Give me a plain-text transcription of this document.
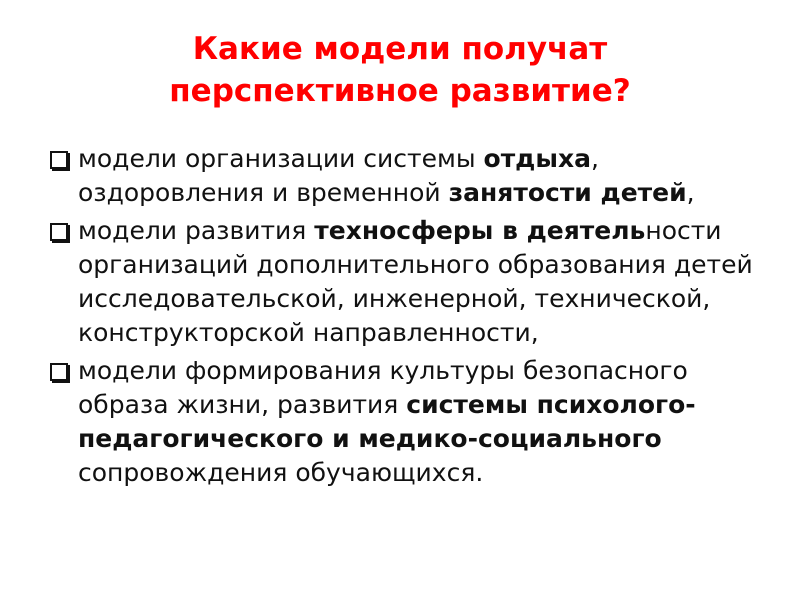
Какие модели получат
перспективное развитие?
модели организации системы отдыха, оздоровления и временной занятости детей,
модели развития техносферы в деятельности организаций дополнительного образования детей исследовательской, инженерной, технической, конструкторской направленности,
модели формирования культуры безопасного образа жизни, развития системы психолого-педагогического и медико-социального сопровождения обучающихся.
